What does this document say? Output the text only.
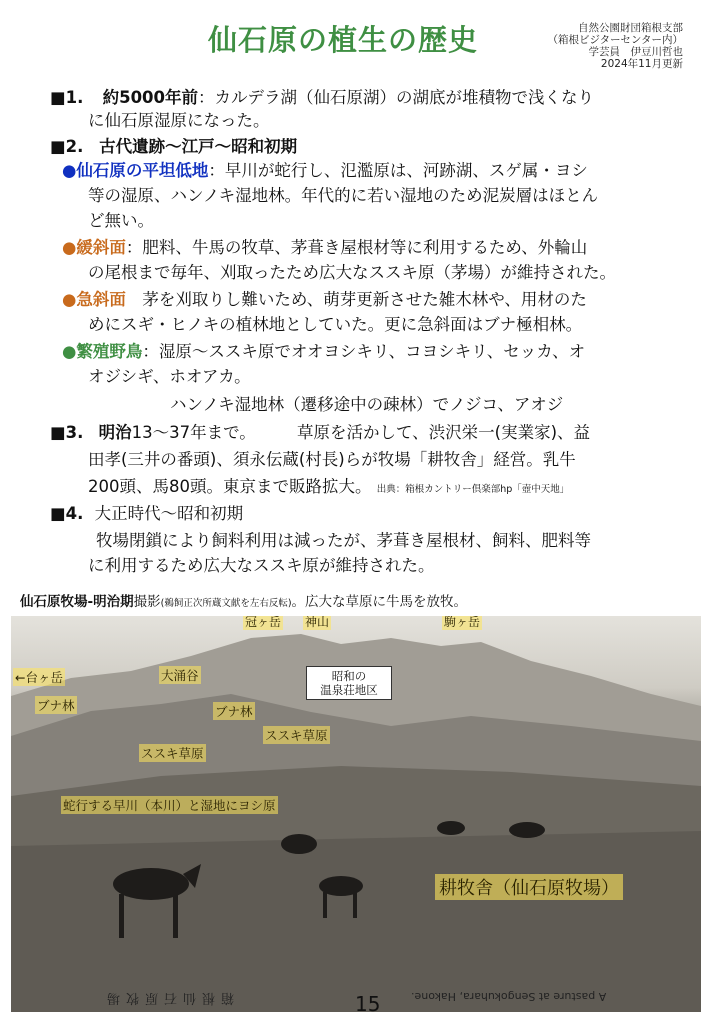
仙石原の植生の歴史	自然公園財団箱根支部
（箱根ビジターセンター内）
学芸員　伊豆川哲也
2024年11月更新
■1. 約5000年前：カルデラ湖（仙石原湖）の湖底が堆積物で浅くなり
に仙石原湿原になった。
■2. 古代遺跡～江戸～昭和初期
●仙石原の平坦低地：早川が蛇行し、氾濫原は、河跡湖、スゲ属・ヨシ
等の湿原、ハンノキ湿地林。年代的に若い湿地のため泥炭層はほとん
ど無い。
●緩斜面：肥料、牛馬の牧草、茅葺き屋根材等に利用するため、外輪山
の尾根まで毎年、刈取ったため広大なススキ原（茅場）が維持された。
●急斜面　茅を刈取りし難いため、萌芽更新させた雑木林や、用材のた
めにスギ・ヒノキの植林地としていた。更に急斜面はブナ極相林。
●繁殖野鳥：湿原～ススキ原でオオヨシキリ、コヨシキリ、セッカ、オ
オジシギ、ホオアカ。
ハンノキ湿地林（遷移途中の疎林）でノジコ、アオジ
■3. 明治13～37年まで。　　　草原を活かして、渋沢栄一(実業家)、益
田孝(三井の番頭)、須永伝蔵(村長)らが牧場「耕牧舎」経営。乳牛
200頭、馬80頭。東京まで販路拡大。 出典：箱根カントリー倶楽部hp「壺中天地」
■4. 大正時代～昭和初期
牧場閉鎖により飼料利用は減ったが、茅葺き屋根材、飼料、肥料等
に利用するため広大なススキ原が維持された。
仙石原牧場‐明治期撮影(鵜飼正次所蔵文献を左右反転)。広大な草原に牛馬を放牧。
冠ヶ岳 神山	駒ヶ岳
←台ヶ岳	大涌谷
ブナ林	ブナ林
ススキ草原
ススキ草原
昭和の
温泉荘地区
蛇行する早川（本川）と湿地にヨシ原
耕牧舎（仙石原牧場）
箱根仙石原牧場	A pasture at Sengokuhara, Hakone.
15
